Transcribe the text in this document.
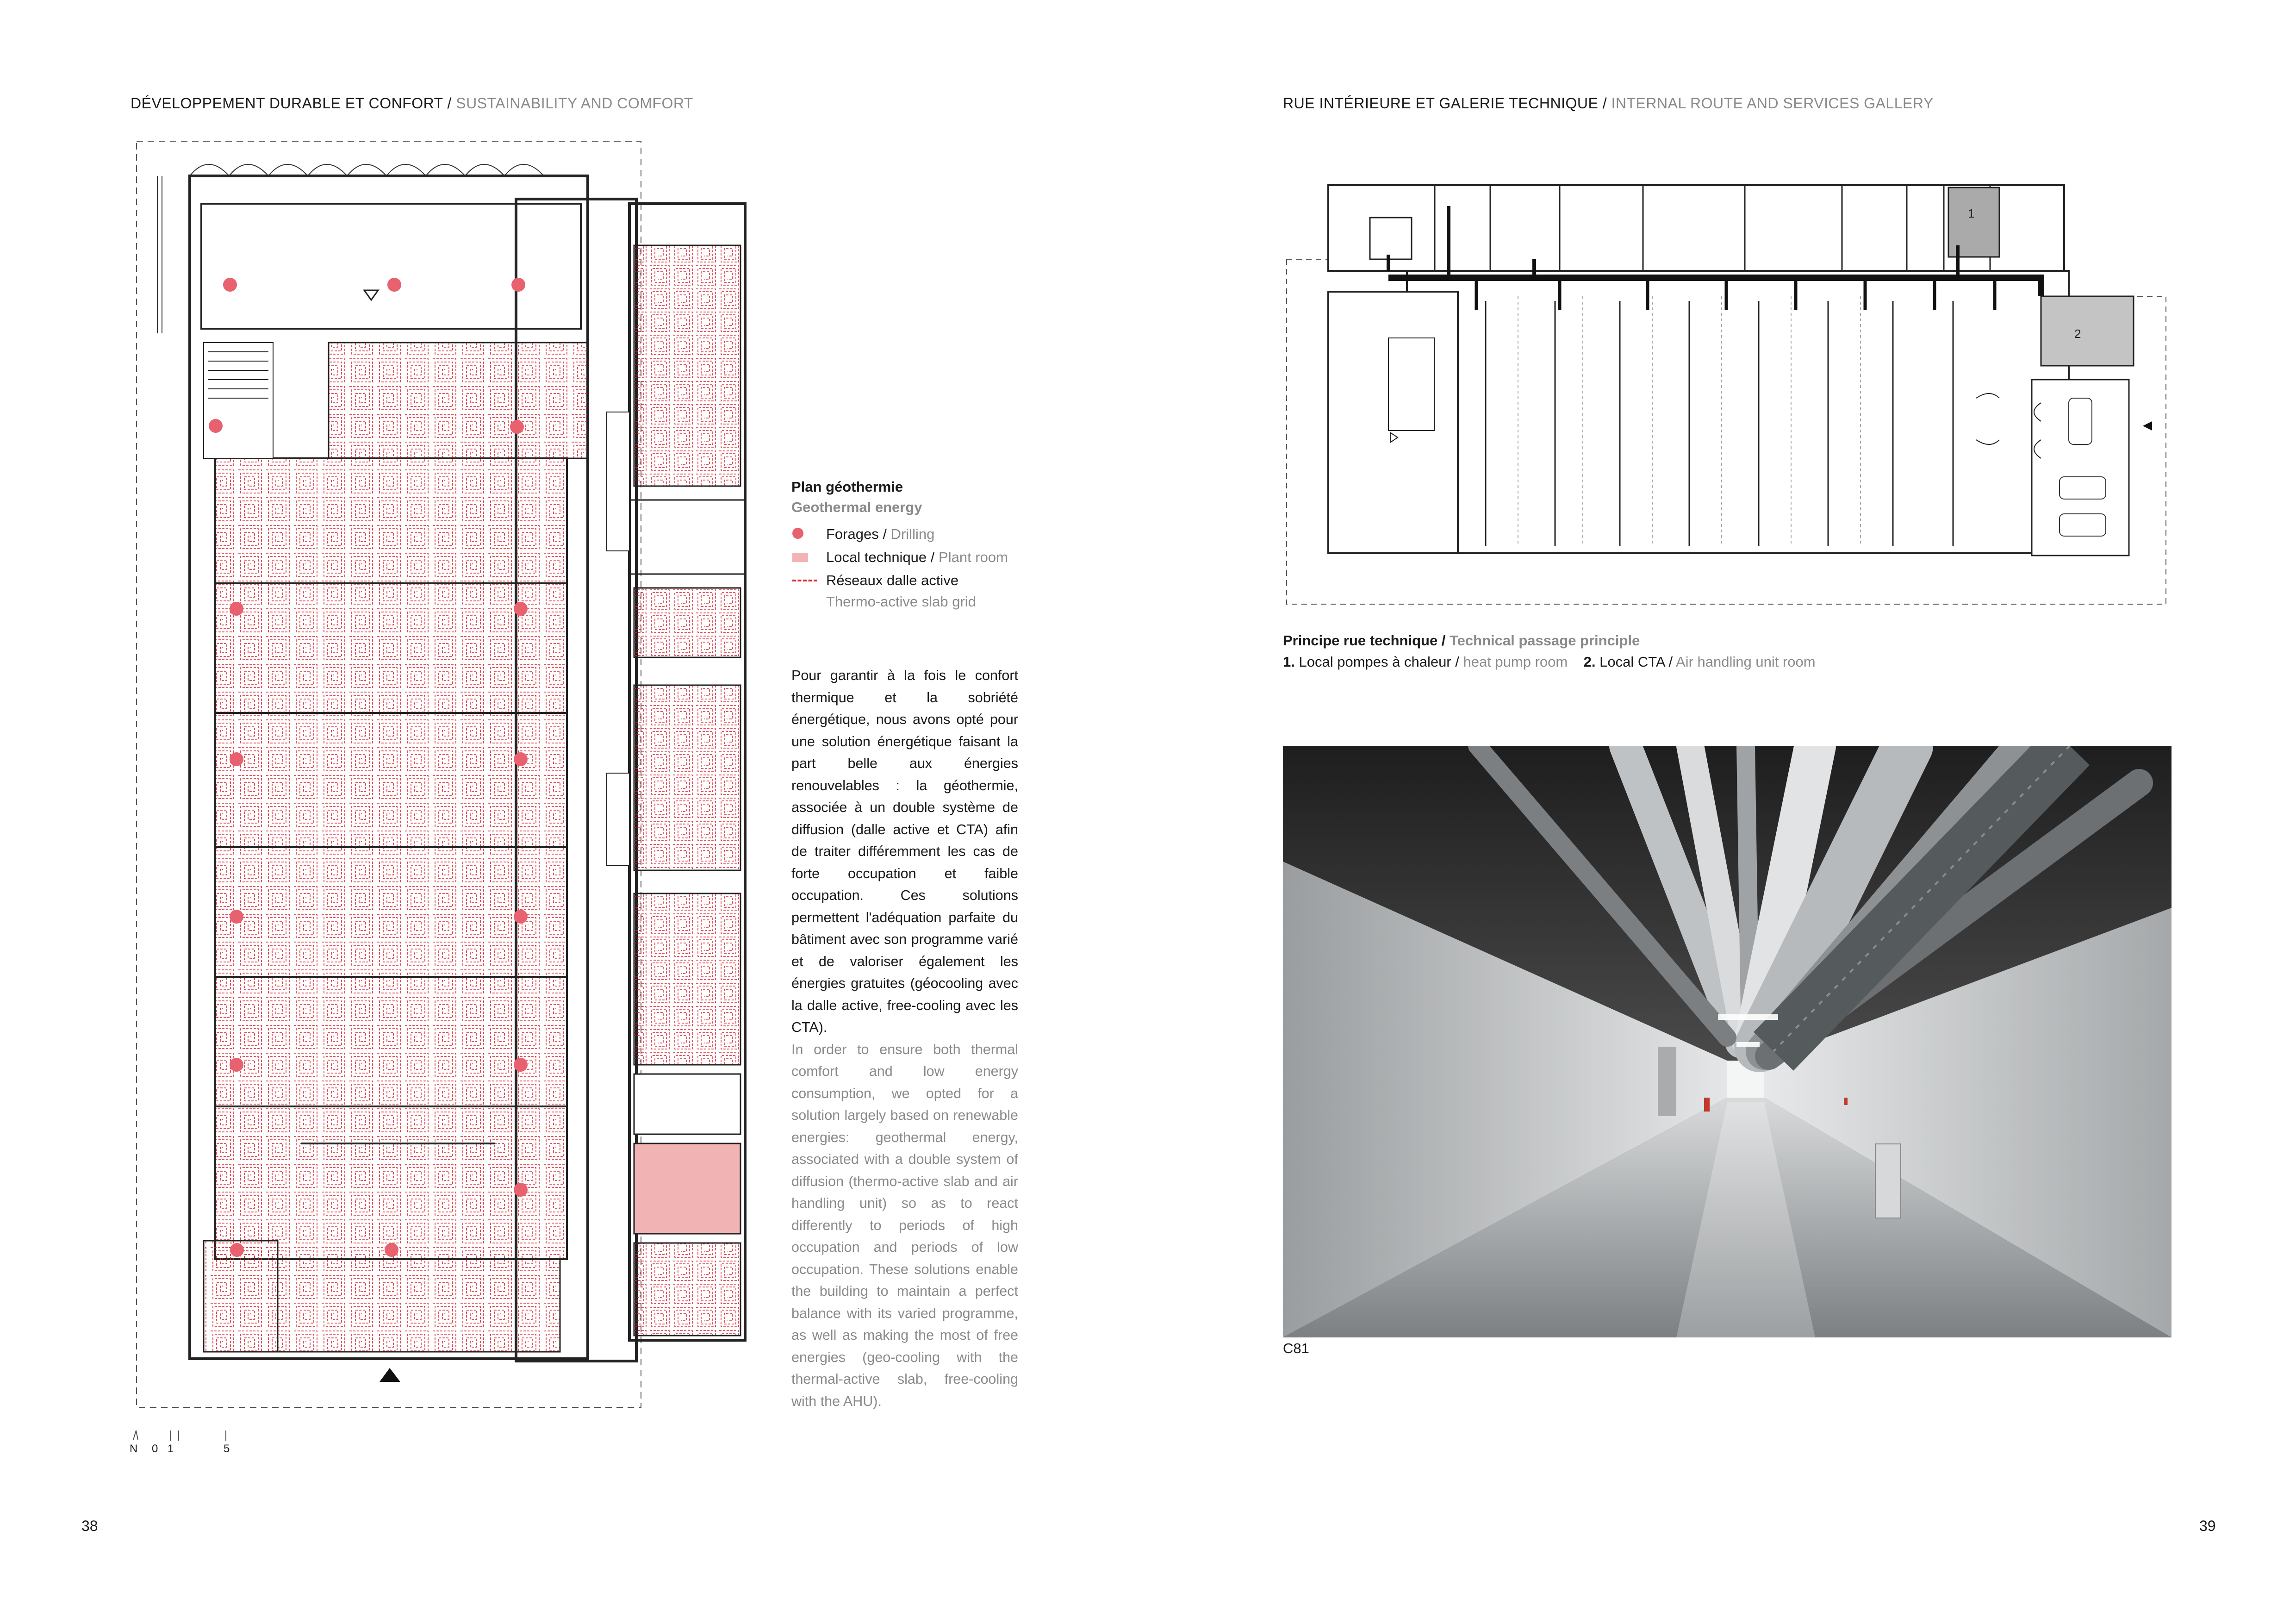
DÉVELOPPEMENT DURABLE ET CONFORT / SUSTAINABILITY AND COMFORT
N 0 1	5
38
Plan géothermie
Geothermal energy
Forages / Drilling
Local technique / Plant room
Réseaux dalle active
Thermo-active slab grid

Pour garantir à la fois le confort thermique et la sobriété énergétique, nous avons opté pour une solution énergétique faisant la part belle aux énergies renouvelables : la géothermie, associée à un double système de diffusion (dalle active et CTA) afin de traiter différemment les cas de forte occupation et faible occupation. Ces solutions permettent l'adéquation parfaite du bâtiment avec son programme varié et de valoriser également les énergies gratuites (géocooling avec la dalle active, free-cooling avec les CTA).

In order to ensure both thermal comfort and low energy consumption, we opted for a solution largely based on renewable energies: geothermal energy, associated with a double system of diffusion (thermo-active slab and air handling unit) so as to react differently to periods of high occupation and periods of low occupation. These solutions enable the building to maintain a perfect balance with its varied programme, as well as making the most of free energies (geo-cooling with the thermal-active slab, free-cooling with the AHU).

RUE INTÉRIEURE ET GALERIE TECHNIQUE / INTERNAL ROUTE AND SERVICES GALLERY
1
2
Principe rue technique / Technical passage principle
1. Local pompes à chaleur / heat pump room 2. Local CTA / Air handling unit room
C81
39
